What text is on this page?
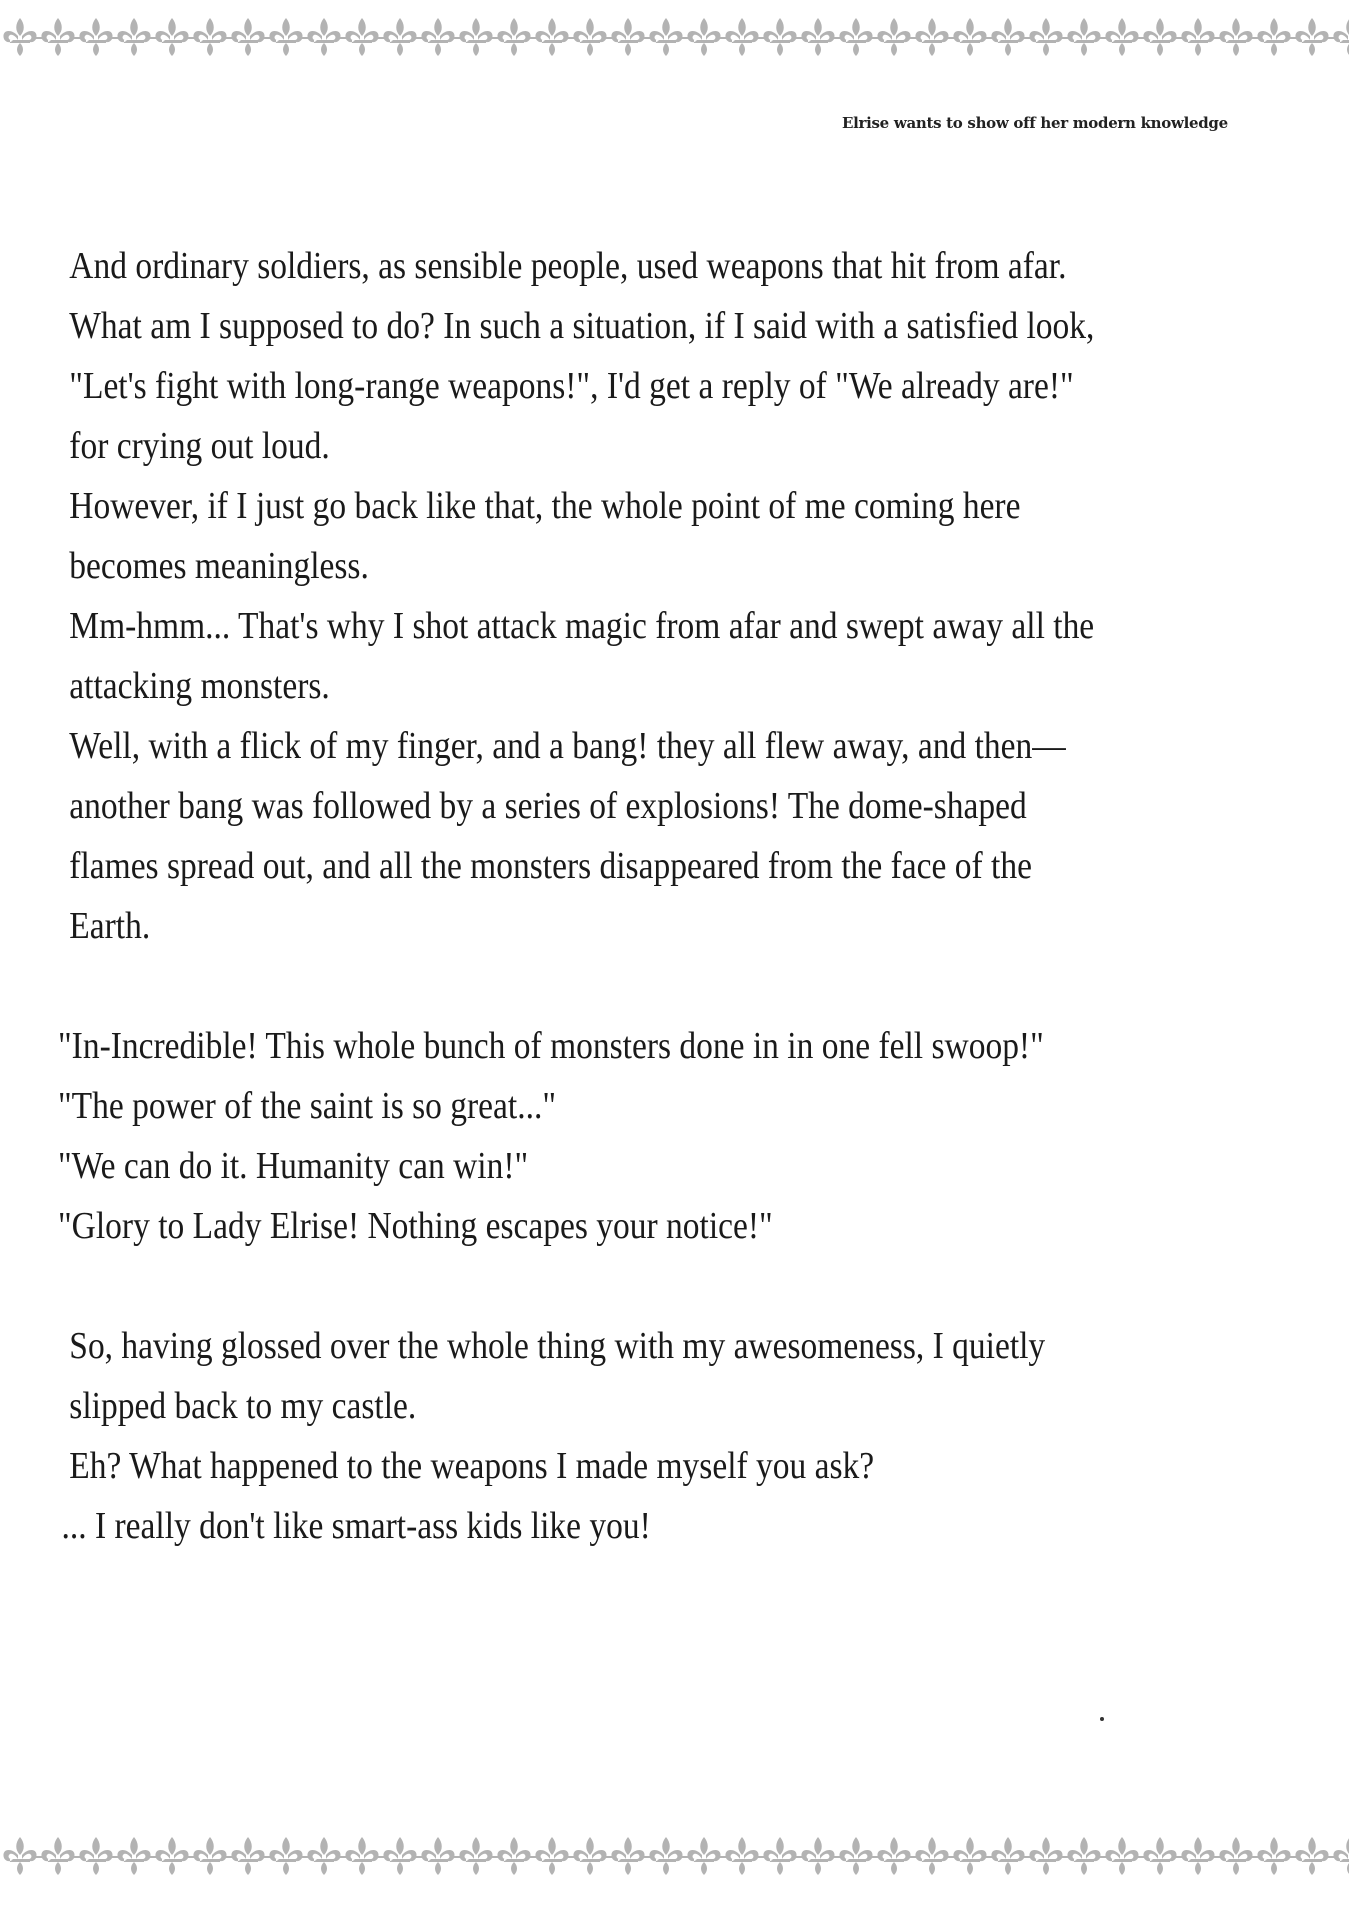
Elrise wants to show off her modern knowledge

And ordinary soldiers, as sensible people, used weapons that hit from afar.

What am I supposed to do? In such a situation, if I said with a satisfied look, "Let's fight with long-range weapons!", I'd get a reply of "We already are!" for crying out loud.

However, if I just go back like that, the whole point of me coming here becomes meaningless.

Mm-hmm... That's why I shot attack magic from afar and swept away all the attacking monsters.

Well, with a flick of my finger, and a bang! they all flew away, and then— another bang was followed by a series of explosions! The dome-shaped flames spread out, and all the monsters disappeared from the face of the Earth.

"In-Incredible! This whole bunch of monsters done in in one fell swoop!"

"The power of the saint is so great..."

"We can do it. Humanity can win!"

"Glory to Lady Elrise! Nothing escapes your notice!"

So, having glossed over the whole thing with my awesomeness, I quietly slipped back to my castle.

Eh? What happened to the weapons I made myself you ask?

... I really don't like smart-ass kids like you!
